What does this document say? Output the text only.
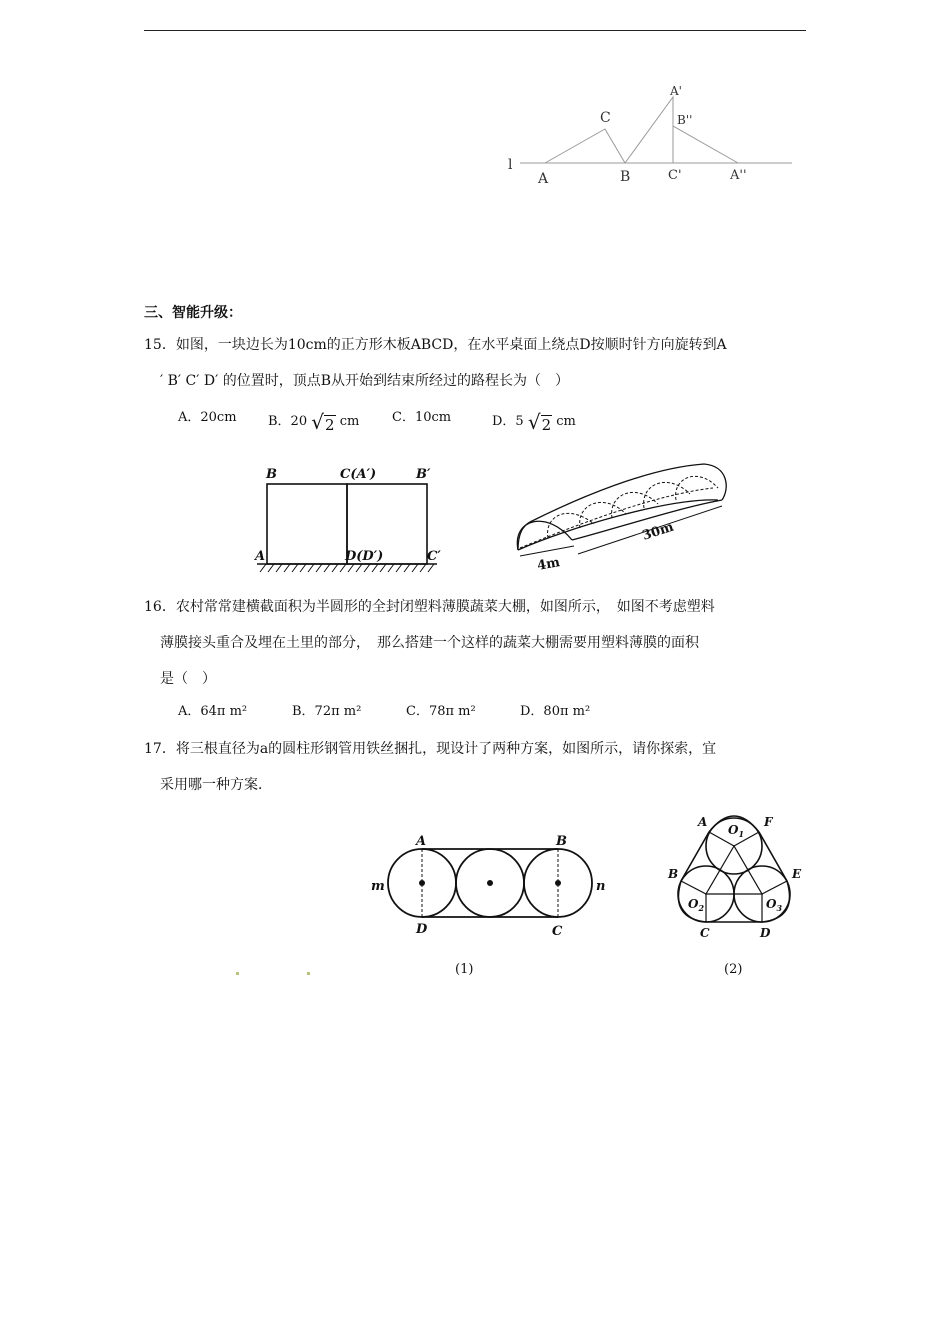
l
A
C
B
A'
B''
C'	A''
三、智能升级：
15．如图，一块边长为10cm的正方形木板ABCD，在水平桌面上绕点D按顺时针方向旋转到A
′ B′ C′ D′ 的位置时，顶点B从开始到结束所经过的路程长为（　）
A．20cm B．20 √2 cm	C．10cm	D．5 √2 cm
B	C(A′)	B′
A	D(D′)	C′
30m
4m
16．农村常常建横截面积为半圆形的全封闭塑料薄膜蔬菜大棚，如图所示，　如图不考虑塑料
薄膜接头重合及埋在土里的部分，　那么搭建一个这样的蔬菜大棚需要用塑料薄膜的面积
是（　）
A．64π m²	B．72π m²	C．78π m²	D．80π m²
17．将三根直径为a的圆柱形钢管用铁丝捆扎，现设计了两种方案，如图所示，请你探索，宜
采用哪一种方案．
A	B
m	n
D	C
(1)
A	F
$O_1$
B	E
$O_2$	$O_3$
C	D
(2)
